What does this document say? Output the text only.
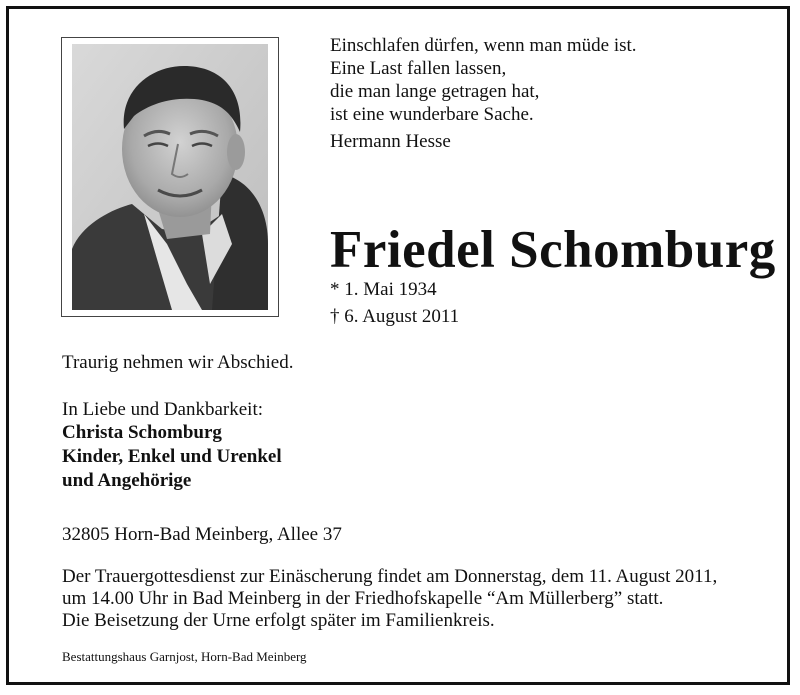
Einschlafen dürfen, wenn man müde ist.
Eine Last fallen lassen,
die man lange getragen hat,
ist eine wunderbare Sache.
Hermann Hesse
Friedel Schomburg
* 1. Mai 1934
† 6. August 2011
Traurig nehmen wir Abschied.
In Liebe und Dankbarkeit:
Christa Schomburg
Kinder, Enkel und Urenkel
und Angehörige
32805 Horn-Bad Meinberg, Allee 37
Der Trauergottesdienst zur Einäscherung findet am Donnerstag, dem 11. August 2011,
um 14.00 Uhr in Bad Meinberg in der Friedhofskapelle “Am Müllerberg” statt.
Die Beisetzung der Urne erfolgt später im Familienkreis.
Bestattungshaus Garnjost, Horn-Bad Meinberg
